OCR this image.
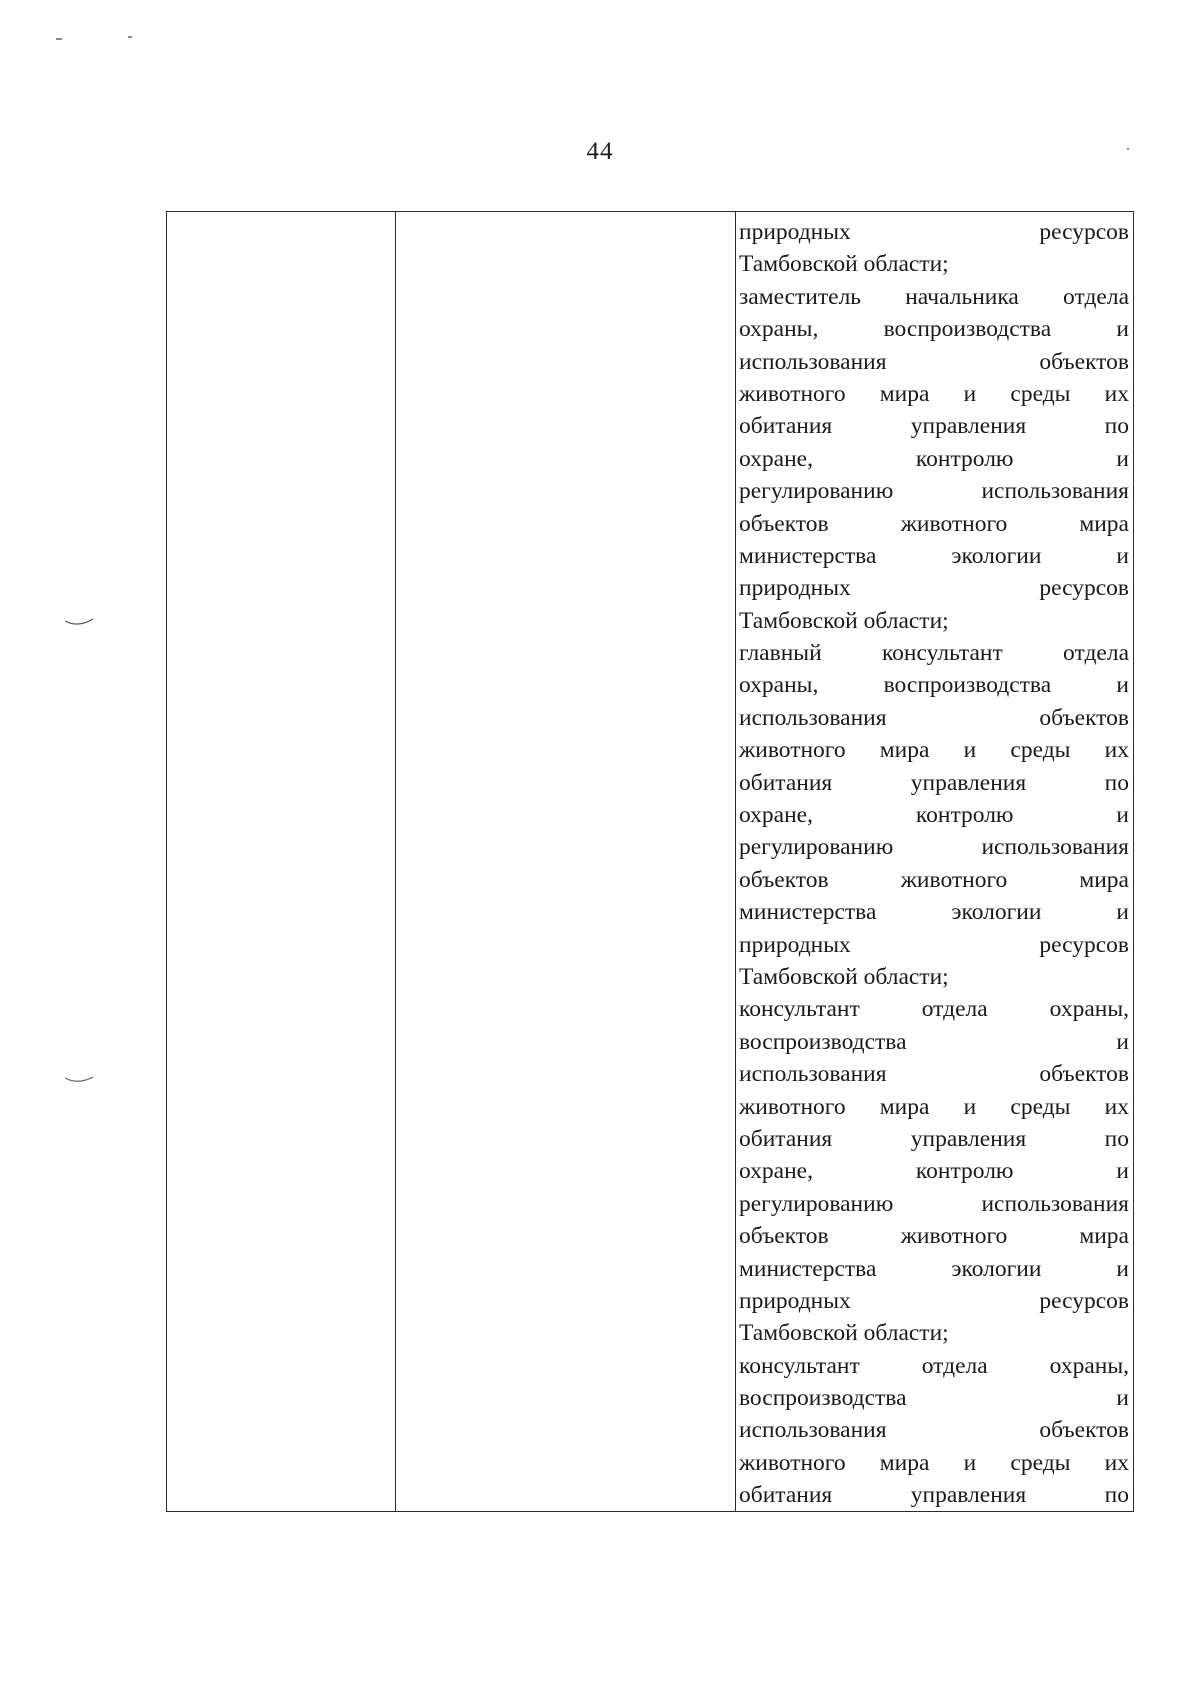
44
природных ресурсов
Тамбовской области;
заместитель начальника отдела
охраны, воспроизводства и
использования объектов
животного мира и среды их
обитания управления по
охране, контролю и
регулированию использования
объектов животного мира
министерства экологии и
природных ресурсов
Тамбовской области;
главный консультант отдела
охраны, воспроизводства и
использования объектов
животного мира и среды их
обитания управления по
охране, контролю и
регулированию использования
объектов животного мира
министерства экологии и
природных ресурсов
Тамбовской области;
консультант отдела охраны,
воспроизводства и
использования объектов
животного мира и среды их
обитания управления по
охране, контролю и
регулированию использования
объектов животного мира
министерства экологии и
природных ресурсов
Тамбовской области;
консультант отдела охраны,
воспроизводства и
использования объектов
животного мира и среды их
обитания управления по
